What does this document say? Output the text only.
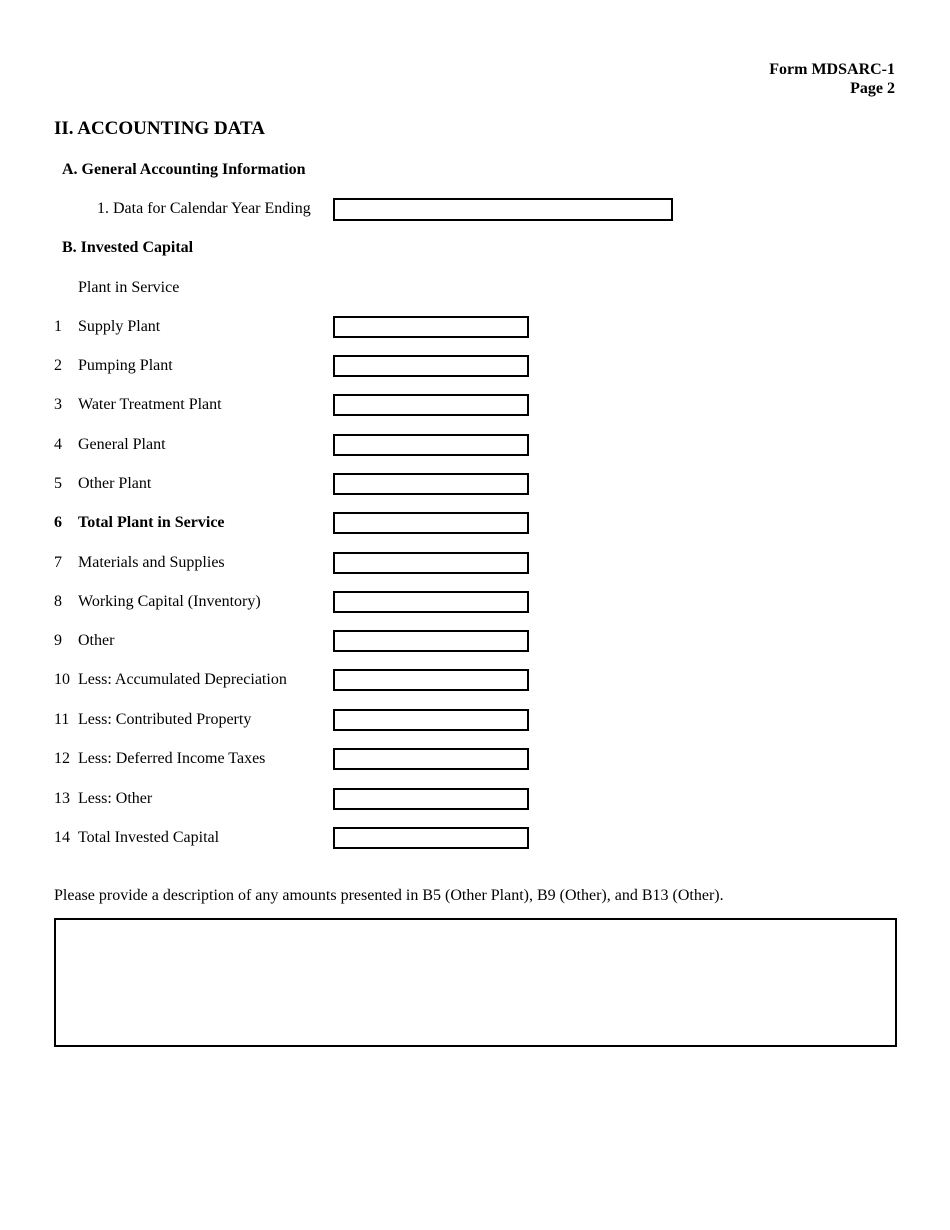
Form MDSARC-1
Page 2
II. ACCOUNTING DATA
A. General Accounting Information
1. Data for Calendar Year Ending
B. Invested Capital
Plant in Service
1	Supply Plant
2	Pumping Plant
3	Water Treatment Plant
4	General Plant
5	Other Plant
6	Total Plant in Service
7	Materials and Supplies
8	Working Capital (Inventory)
9	Other
10 Less: Accumulated Depreciation
11 Less: Contributed Property
12 Less: Deferred Income Taxes
13 Less: Other
14 Total Invested Capital
Please provide a description of any amounts presented in B5 (Other Plant), B9 (Other), and B13 (Other).
